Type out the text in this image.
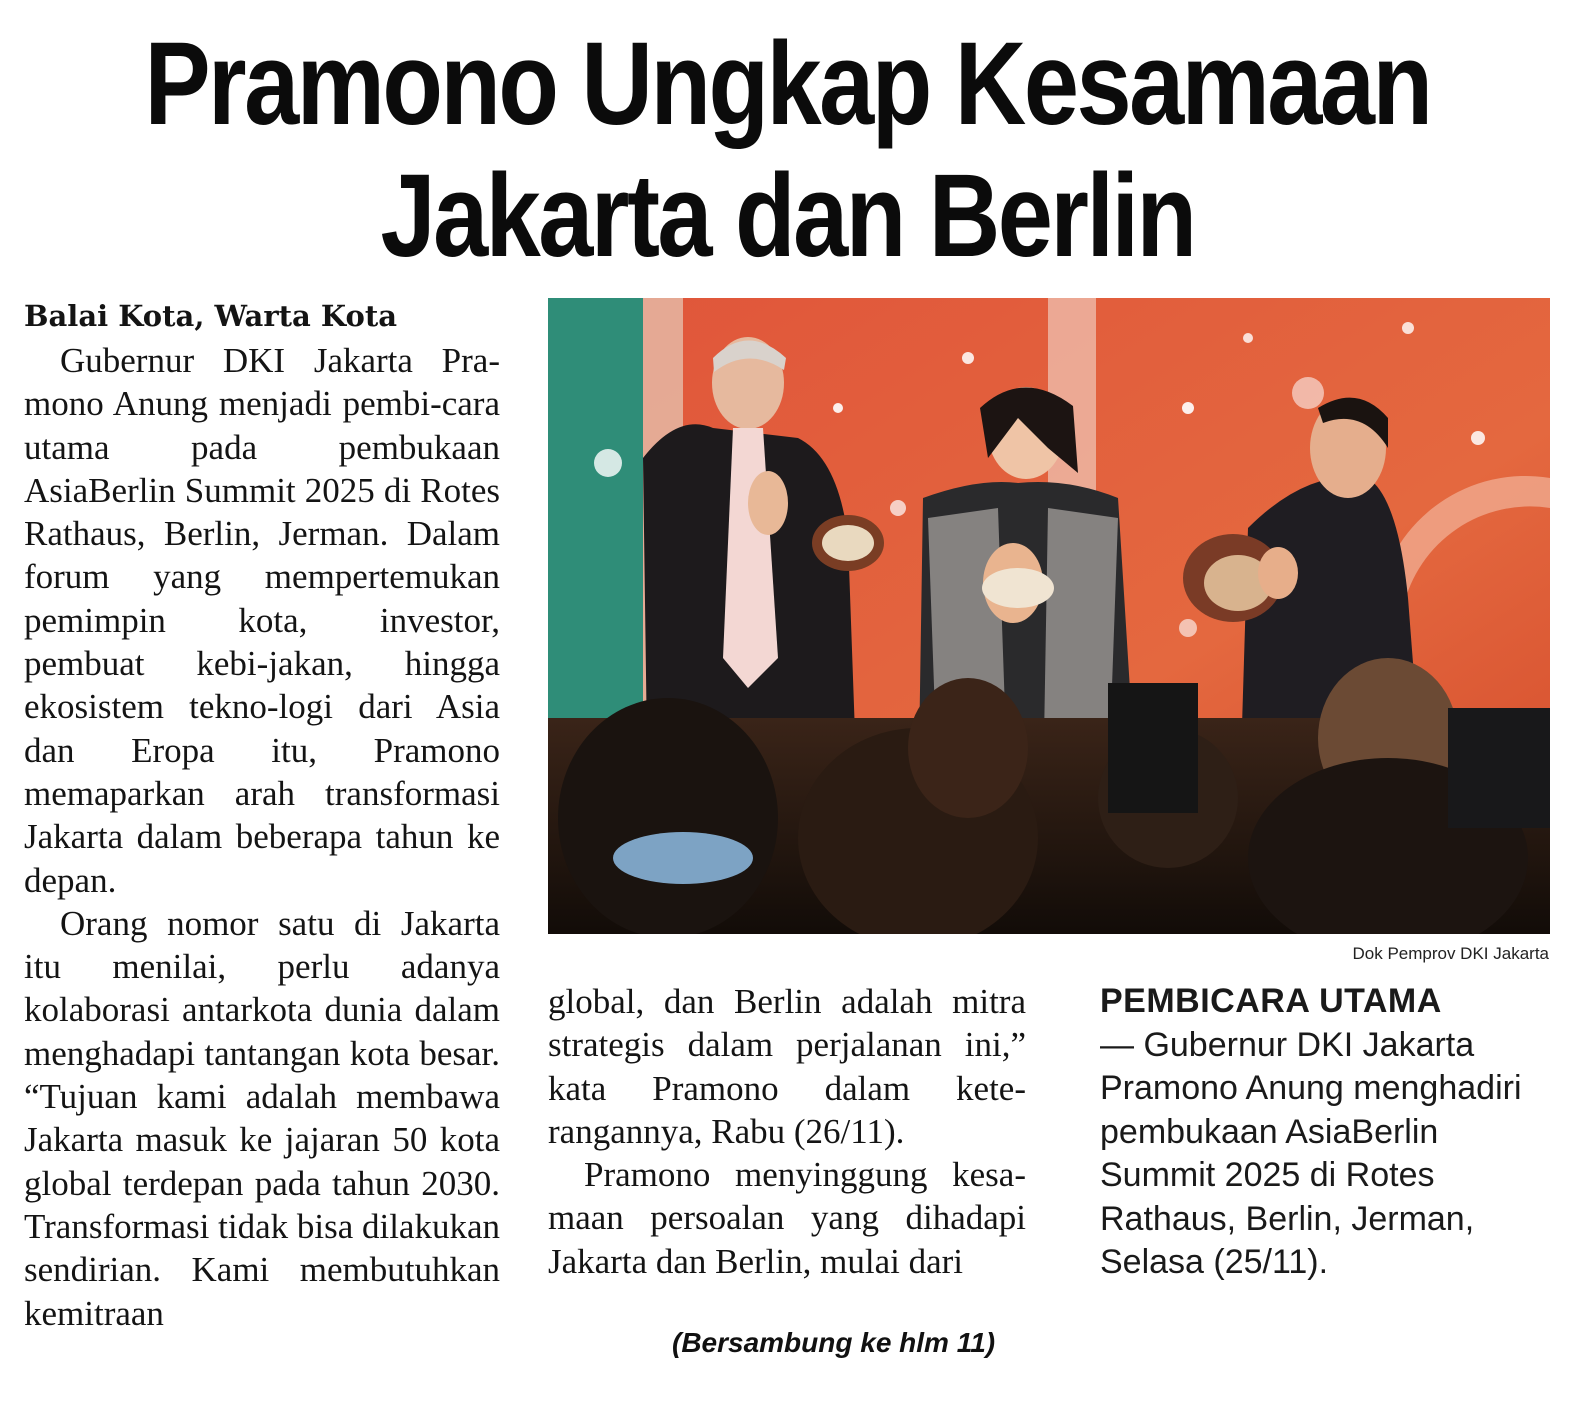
Pramono Ungkap Kesamaan
Jakarta dan Berlin
Balai Kota, Warta Kota

Gubernur DKI Jakarta Pra-mono Anung menjadi pembi-cara utama pada pembukaan AsiaBerlin Summit 2025 di Rotes Rathaus, Berlin, Jerman. Dalam forum yang mempertemukan pemimpin kota, investor, pembuat kebi-jakan, hingga ekosistem tekno-logi dari Asia dan Eropa itu, Pramono memaparkan arah transformasi Jakarta dalam beberapa tahun ke depan.

Orang nomor satu di Jakarta itu menilai, perlu adanya kolaborasi antarkota dunia dalam menghadapi tantangan kota besar. “Tujuan kami adalah membawa Jakarta masuk ke jajaran 50 kota global terdepan pada tahun 2030. Transformasi tidak bisa dilakukan sendirian. Kami membutuhkan kemitraan

Dok Pemprov DKI Jakarta

global, dan Berlin adalah mitra strategis dalam perjalanan ini,” kata Pramono dalam kete-rangannya, Rabu (26/11).

Pramono menyinggung kesa-maan persoalan yang dihadapi Jakarta dan Berlin, mulai dari

PEMBICARA UTAMA
— Gubernur DKI Jakarta Pramono Anung menghadiri pembukaan AsiaBerlin Summit 2025 di Rotes Rathaus, Berlin, Jerman, Selasa (25/11).
(Bersambung ke hlm 11)
